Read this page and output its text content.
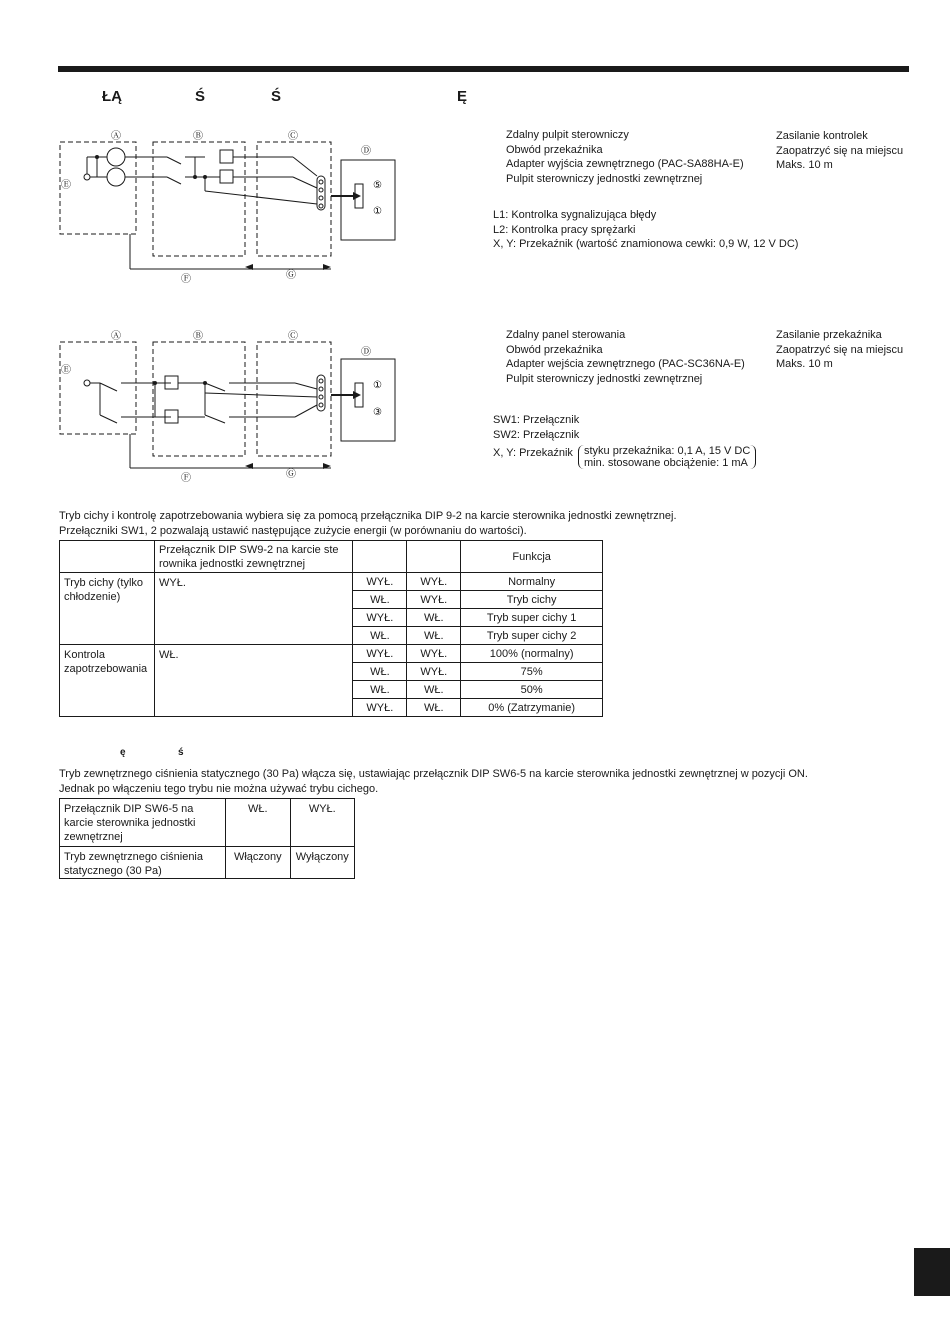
ŁĄ	Ś	Ś	Ę
Ⓐ	Ⓑ	Ⓒ
Ⓓ
Ⓔ
Ⓕ	Ⓖ
⑤
①
Zdalny pulpit sterowniczy
Obwód przekaźnika
Adapter wyjścia zewnętrznego (PAC-SA88HA-E)
Pulpit sterowniczy jednostki zewnętrznej
Zasilanie kontrolek
Zaopatrzyć się na miejscu
Maks. 10 m
L1: Kontrolka sygnalizująca błędy
L2: Kontrolka pracy sprężarki
X, Y: Przekaźnik (wartość znamionowa cewki: 0,9 W, 12 V DC)
Ⓐ	Ⓑ	Ⓒ
Ⓓ
Ⓔ
Ⓕ	Ⓖ
①
③
Zdalny panel sterowania
Obwód przekaźnika
Adapter wejścia zewnętrznego (PAC-SC36NA-E)
Pulpit sterowniczy jednostki zewnętrznej
Zasilanie przekaźnika
Zaopatrzyć się na miejscu
Maks. 10 m
SW1: Przełącznik
SW2: Przełącznik
X, Y: Przekaźnik styku przekaźnika: 0,1 A, 15 V DC
min. stosowane obciążenie: 1 mA
Tryb cichy i kontrolę zapotrzebowania wybiera się za pomocą przełącznika DIP 9-2 na karcie sterownika jednostki zewnętrznej.
Przełączniki SW1, 2 pozwalają ustawić następujące zużycie energii (w porównaniu do wartości).

	Przełącznik DIP SW9-2 na karcie ste
rownika jednostki zewnętrznej			Funkcja

Tryb cichy (tylko
chłodzenie)	WYŁ.	WYŁ.	WYŁ.	Normalny
		WŁ.	WYŁ.	Tryb cichy
		WYŁ.	WŁ.	Tryb super cichy 1
		WŁ.	WŁ.	Tryb super cichy 2

Kontrola
zapotrzebowania	WŁ.	WYŁ.	WYŁ.	100% (normalny)
		WŁ.	WYŁ.	75%
		WŁ.	WŁ.	50%
		WYŁ.	WŁ.	0% (Zatrzymanie)
ę	ś
Tryb zewnętrznego ciśnienia statycznego (30 Pa) włącza się, ustawiając przełącznik DIP SW6-5 na karcie sterownika jednostki zewnętrznej w pozycji ON.
Jednak po włączeniu tego trybu nie można używać trybu cichego.
Przełącznik DIP SW6-5 na
karcie sterownika jednostki
zewnętrznej	WŁ.	WYŁ.

Tryb zewnętrznego ciśnienia
statycznego (30 Pa)	Włączony	Wyłączony
